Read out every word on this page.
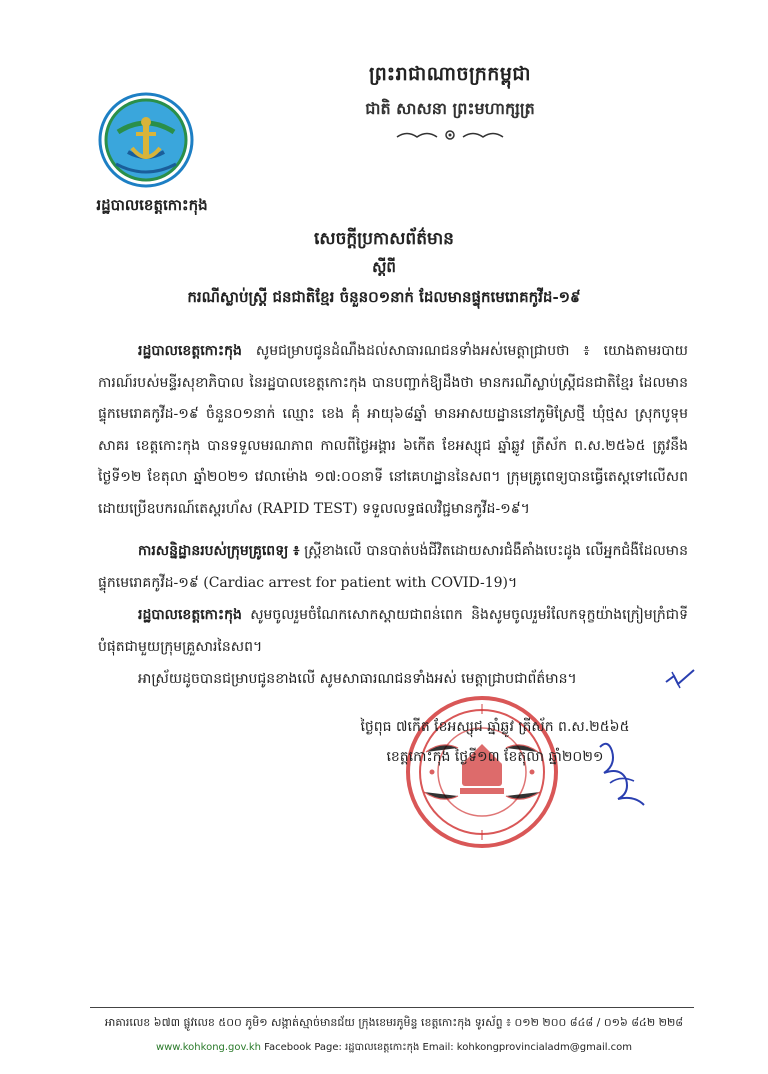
ព្រះរាជាណាចក្រកម្ពុជា
ជាតិ សាសនា ព្រះមហាក្សត្រ
រដ្ឋបាលខេត្តកោះកុង
សេចក្តីប្រកាសព័ត៌មាន
ស្តីពី
ករណីស្លាប់ស្ត្រី ជនជាតិខ្មែរ ចំនួន០១នាក់ ដែលមានផ្ទុកមេរោគកូវីដ-១៩
រដ្ឋបាលខេត្តកោះកុង សូមជម្រាបជូនដំណឹងដល់សាធារណជនទាំងអស់មេត្តាជ្រាបថា ៖ យោងតាមរបាយការណ៍របស់មន្ទីរសុខាភិបាល នៃរដ្ឋបាលខេត្តកោះកុង បានបញ្ជាក់ឱ្យដឹងថា មានករណីស្លាប់ស្ត្រីជនជាតិខ្មែរ ដែលមានផ្ទុកមេរោគកូវីដ-១៩ ចំនួន០១នាក់ ឈ្មោះ ខេង គុំ អាយុ៦៨ឆ្នាំ មានអាសយដ្ឋាននៅភូមិស្រែថ្មី ឃុំថ្មស ស្រុកបូទុមសាគរ ខេត្តកោះកុង បានទទួលមរណភាព កាលពីថ្ងៃអង្គារ ៦កើត ខែអស្សុជ ឆ្នាំឆ្លូវ ត្រីស័ក ព.ស.២៥៦៥ ត្រូវនឹងថ្ងៃទី១២ ខែតុលា ឆ្នាំ២០២១ វេលាម៉ោង ១៧:០០នាទី នៅគេហដ្ឋាននៃសព។ ក្រុមគ្រូពេទ្យបានធ្វើតេស្តទៅលើសព ដោយប្រើឧបករណ៍តេស្តរហ័ស (RAPID TEST) ទទួលលទ្ធផលវិជ្ជមានកូវីដ-១៩។
ការសន្និដ្ឋានរបស់ក្រុមគ្រូពេទ្យ ៖ ស្ត្រីខាងលើ បានបាត់បង់ជីវិតដោយសារជំងឺគាំងបេះដូង លើអ្នកជំងឺដែលមានផ្ទុកមេរោគកូវីដ-១៩ (Cardiac arrest for patient with COVID-19)។
រដ្ឋបាលខេត្តកោះកុង សូមចូលរួមចំណែកសោកស្តាយជាពន់ពេក និងសូមចូលរួមរំលែកទុក្ខយ៉ាងក្រៀមក្រំជាទីបំផុតជាមួយក្រុមគ្រួសារនៃសព។
អាស្រ័យដូចបានជម្រាបជូនខាងលើ សូមសាធារណជនទាំងអស់ មេត្តាជ្រាបជាព័ត៌មាន។
ថ្ងៃពុធ ៧កើត ខែអស្សុជ ឆ្នាំឆ្លូវ ត្រីស័ក ព.ស.២៥៦៥
ខេត្តកោះកុង ថ្ងៃទី១៣ ខែតុលា ឆ្នាំ២០២១
អាគារលេខ ៦៧៣ ផ្លូវលេខ ៥០០ ភូមិ១ សង្កាត់ស្មាច់មានជ័យ ក្រុងខេមរភូមិន្ទ ខេត្តកោះកុង ទូរស័ព្ទ ៖ ០១២ ២០០ ៨៤៨ / ០១៦ ៨៤២ ២២៨
www.kohkong.gov.kh Facebook Page: រដ្ឋបាលខេត្តកោះកុង Email: kohkongprovincialadm@gmail.com
